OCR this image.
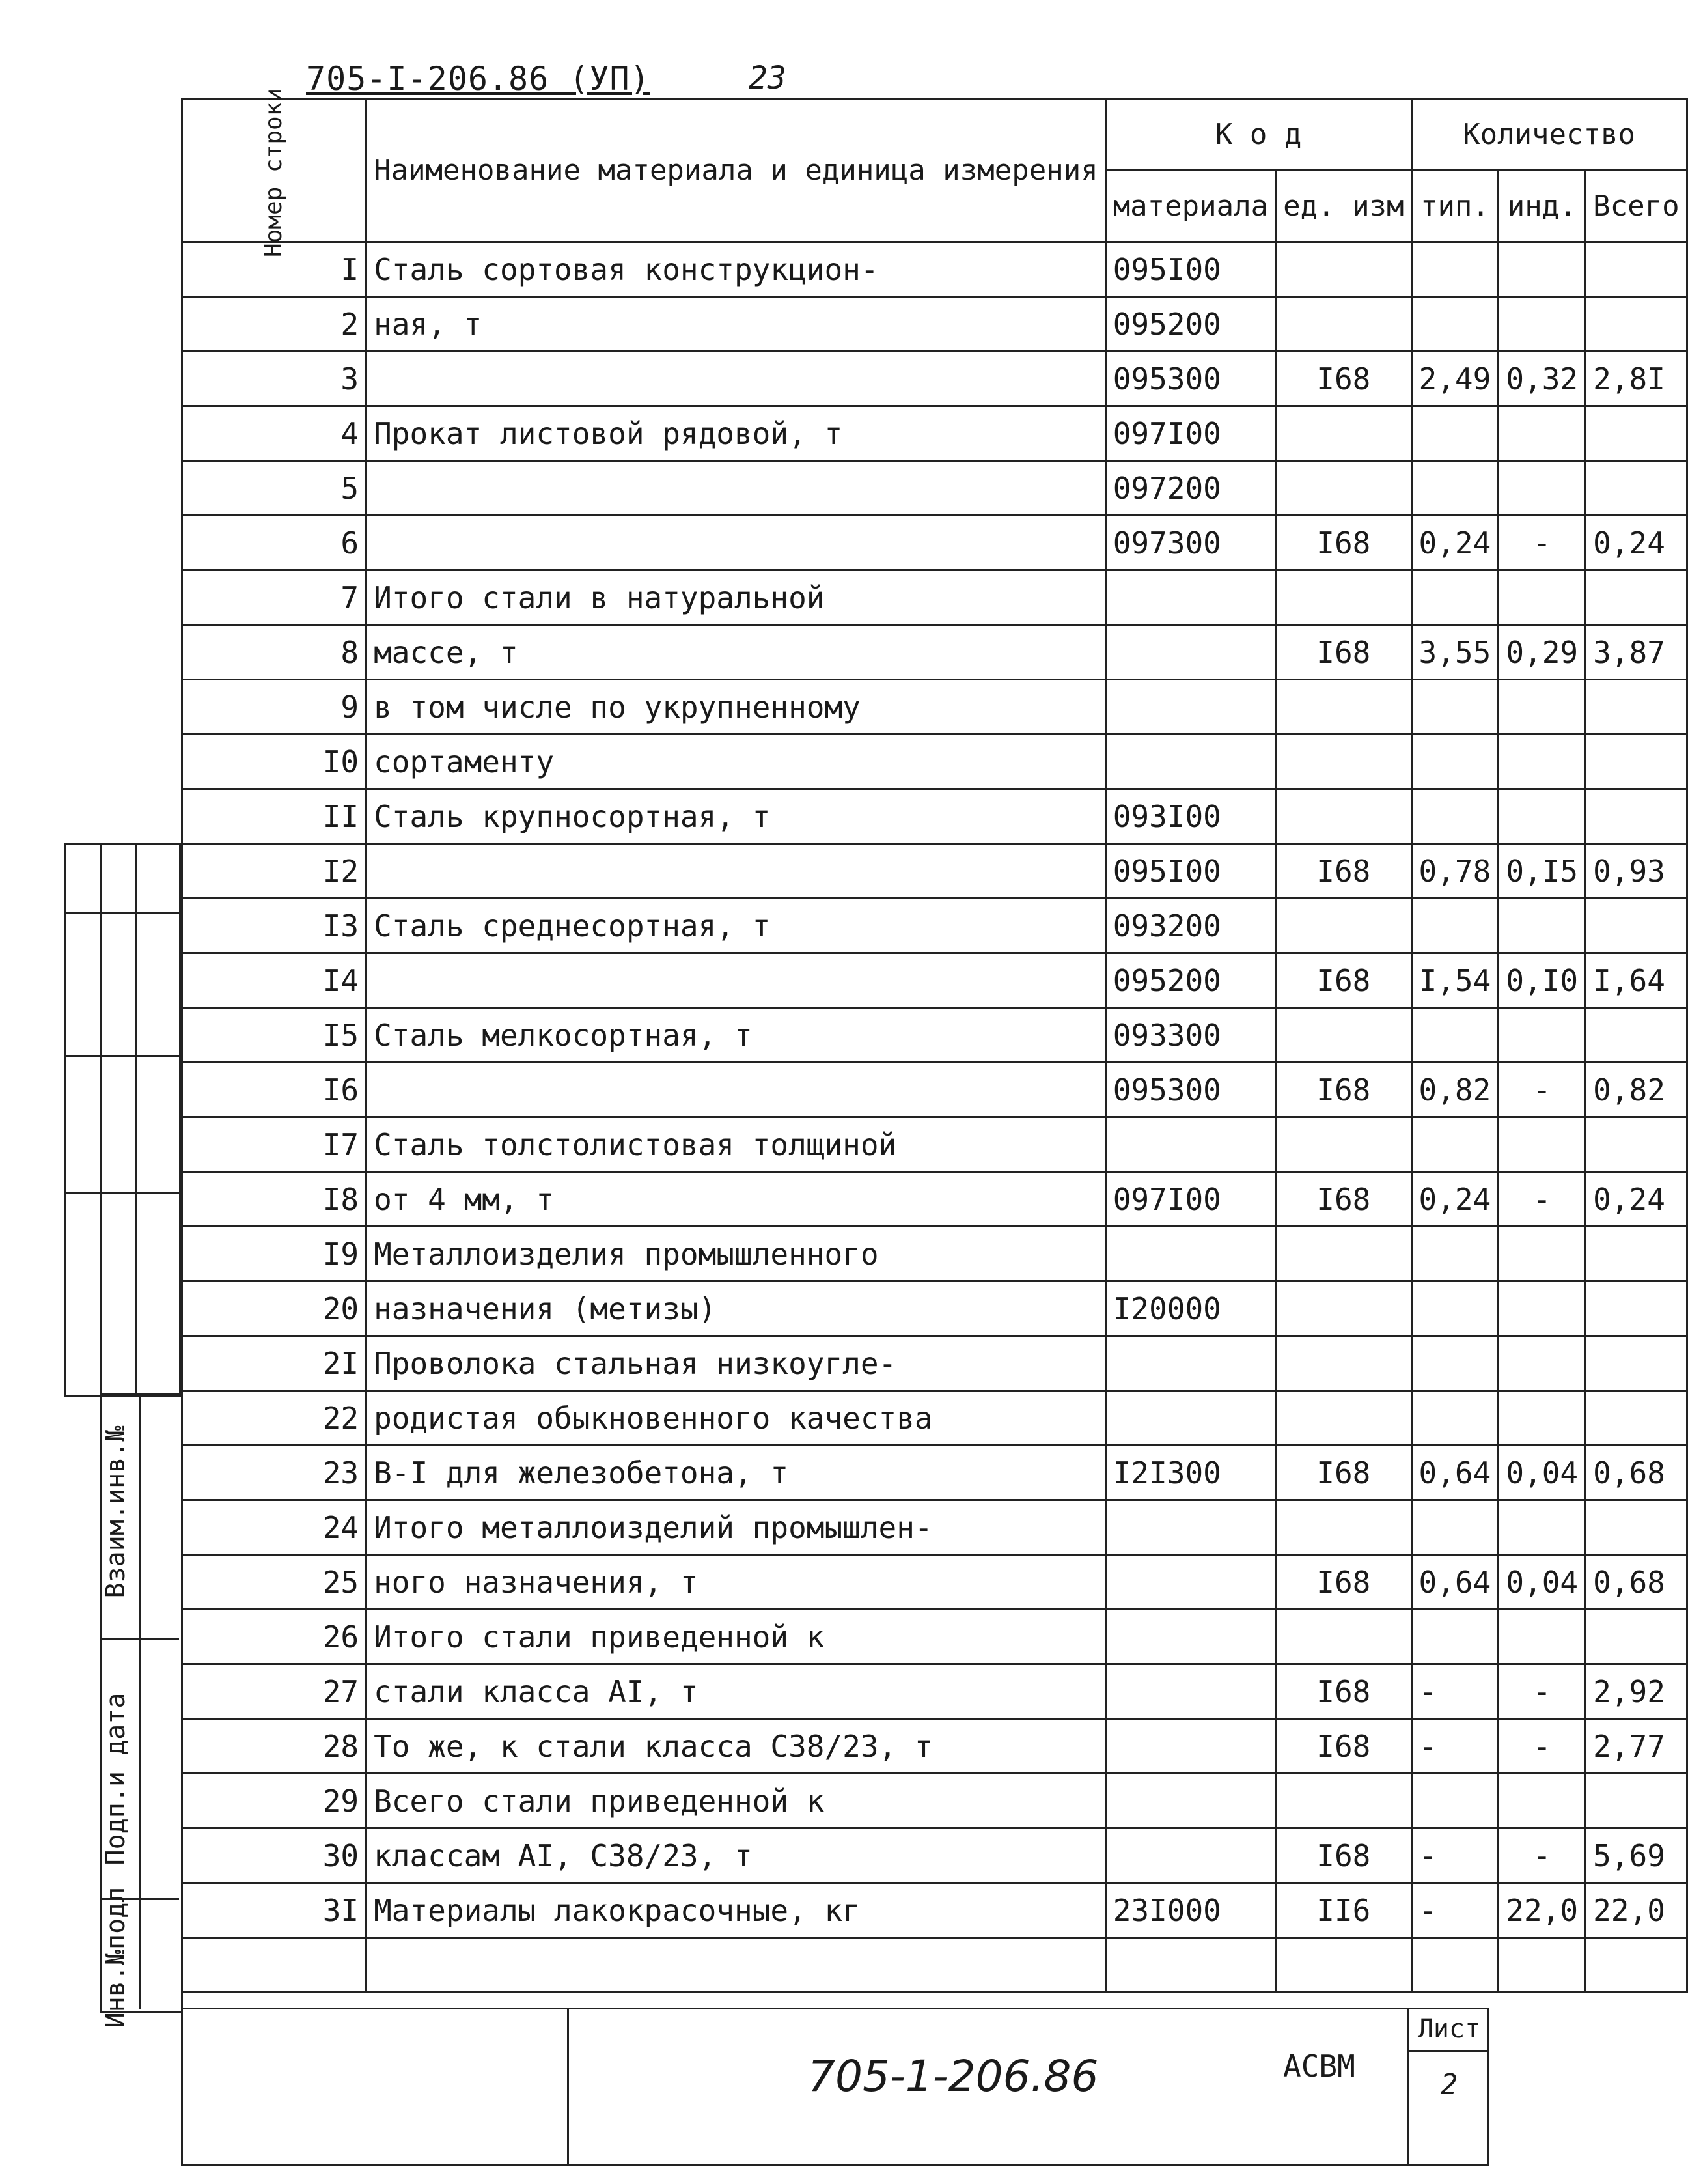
705-I-206.86 (УП)	23
Номер строки	Наименование материала и единица измерения	К о д		Количество		
		материала	ед. изм	тип.	инд.	Всего
I	Сталь сортовая конструкцион-	095I00				
2	ная, т	095200				
3		095300	I68	2,49	0,32	2,8I
4	Прокат листовой рядовой, т	097I00				
5		097200				
6		097300	I68	0,24	-	0,24
7	Итого стали в натуральной					
8	массе, т		I68	3,55	0,29	3,87
9	в том числе по укрупненному					
I0	сортаменту					
II	Сталь крупносортная, т	093I00				
I2		095I00	I68	0,78	0,I5	0,93
I3	Сталь среднесортная, т	093200				
I4		095200	I68	I,54	0,I0	I,64
I5	Сталь мелкосортная, т	093300				
I6		095300	I68	0,82	-	0,82
I7	Сталь толстолистовая толщиной					
I8	от 4 мм, т	097I00	I68	0,24	-	0,24
I9	Металлоизделия промышленного					
20	назначения (метизы)	I20000				
2I	Проволока стальная низкоугле-					
22	родистая обыкновенного качества					
23	В-I для железобетона, т	I2I300	I68	0,64	0,04	0,68
24	Итого металлоизделий промышлен-					
25	ного назначения, т		I68	0,64	0,04	0,68
26	Итого стали приведенной к					
27	стали класса AI, т		I68	-	-	2,92
28	То же, к стали класса С38/23, т		I68	-	-	2,77
29	Всего стали приведенной к					
30	классам AI, С38/23, т		I68	-	-	5,69
3I	Материалы лакокрасочные, кг	23I000	II6	-	22,0	22,0

Взаим.инв.№
Подп.и дата
Инв.№подл
705-1-206.86	АСВМ
Лист
2
